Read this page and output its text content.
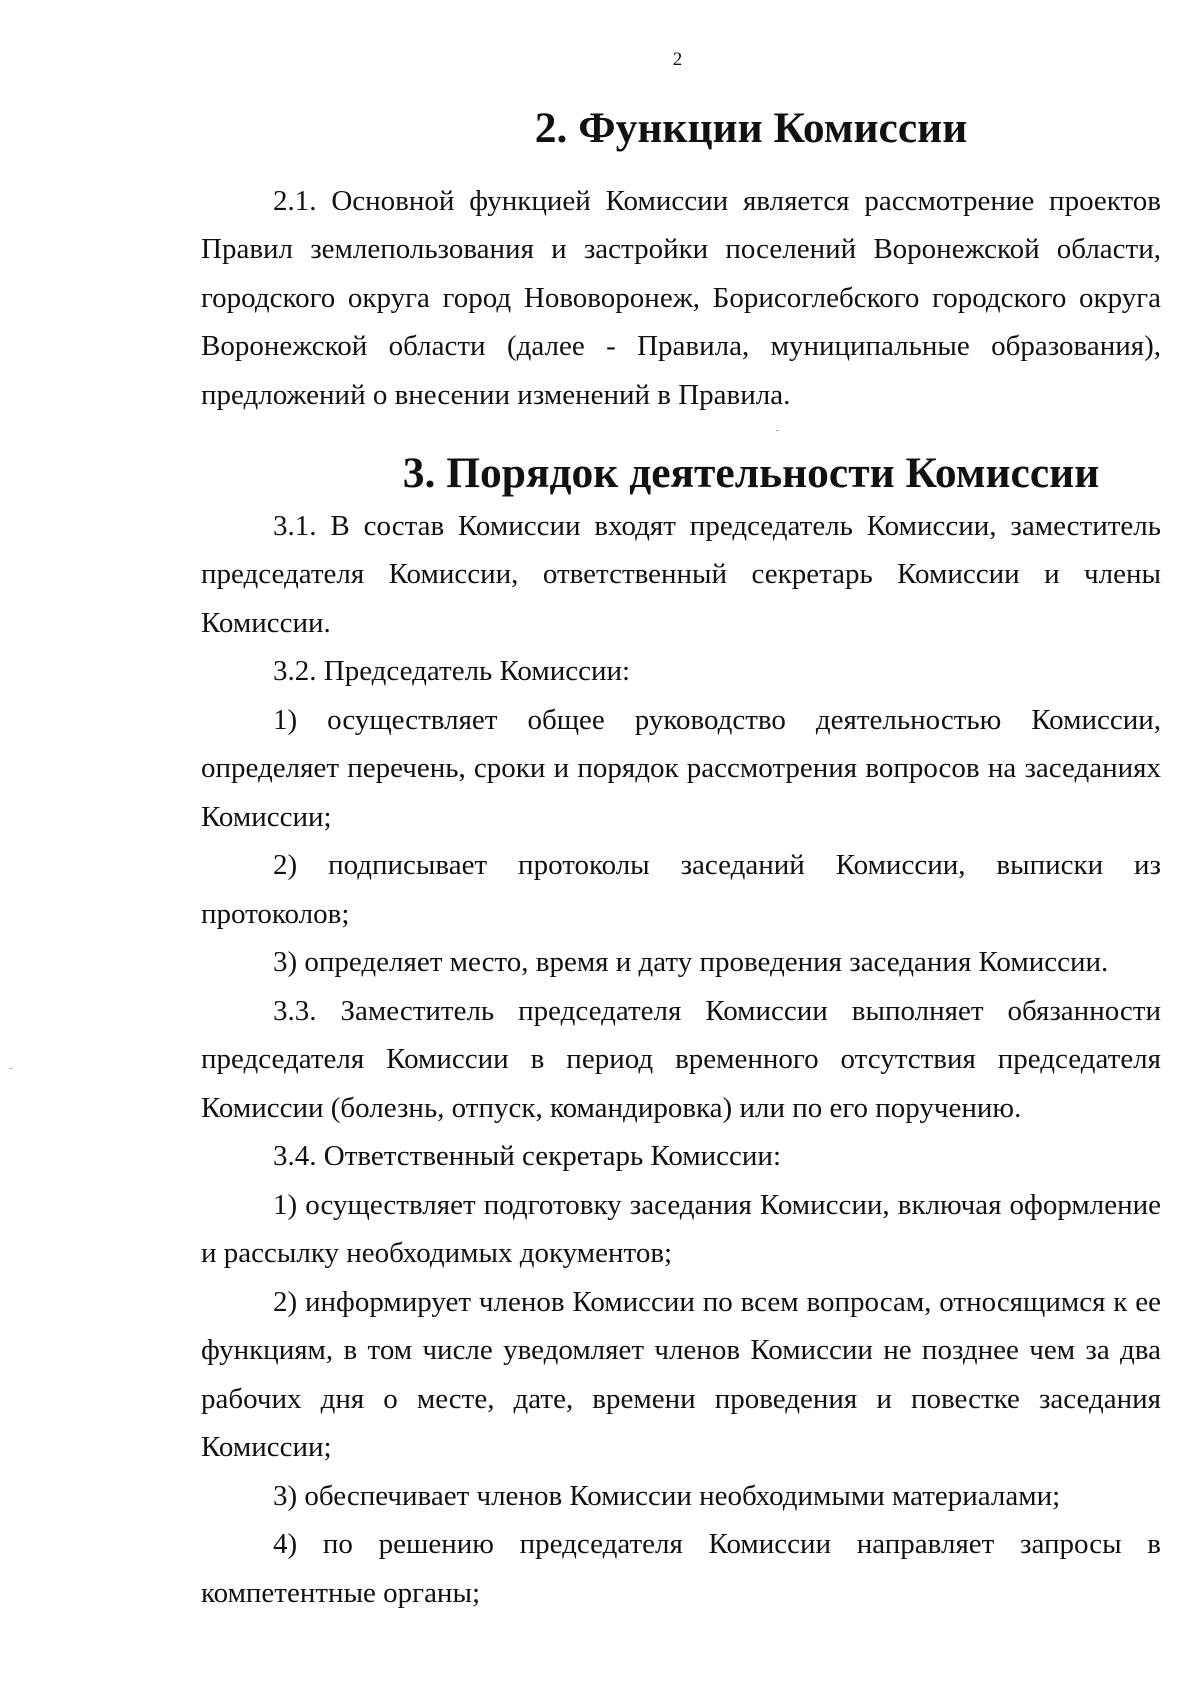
2
2. Функции Комиссии

2.1. Основной функцией Комиссии является рассмотрение проектов Правил землепользования и застройки поселений Воронежской области, городского округа город Нововоронеж, Борисоглебского городского округа Воронежской области (далее - Правила, муниципальные образования), предложений о внесении изменений в Правила.

3. Порядок деятельности Комиссии

3.1. В состав Комиссии входят председатель Комиссии, заместитель председателя Комиссии, ответственный секретарь Комиссии и члены Комиссии.

3.2. Председатель Комиссии:

1) осуществляет общее руководство деятельностью Комиссии, определяет перечень, сроки и порядок рассмотрения вопросов на заседаниях Комиссии;

2) подписывает протоколы заседаний Комиссии, выписки из протоколов;

3) определяет место, время и дату проведения заседания Комиссии.

3.3. Заместитель председателя Комиссии выполняет обязанности председателя Комиссии в период временного отсутствия председателя Комиссии (болезнь, отпуск, командировка) или по его поручению.

3.4. Ответственный секретарь Комиссии:

1) осуществляет подготовку заседания Комиссии, включая оформление и рассылку необходимых документов;

2) информирует членов Комиссии по всем вопросам, относящимся к ее функциям, в том числе уведомляет членов Комиссии не позднее чем за два рабочих дня о месте, дате, времени проведения и повестке заседания Комиссии;

3) обеспечивает членов Комиссии необходимыми материалами;

4) по решению председателя Комиссии направляет запросы в компетентные органы;
